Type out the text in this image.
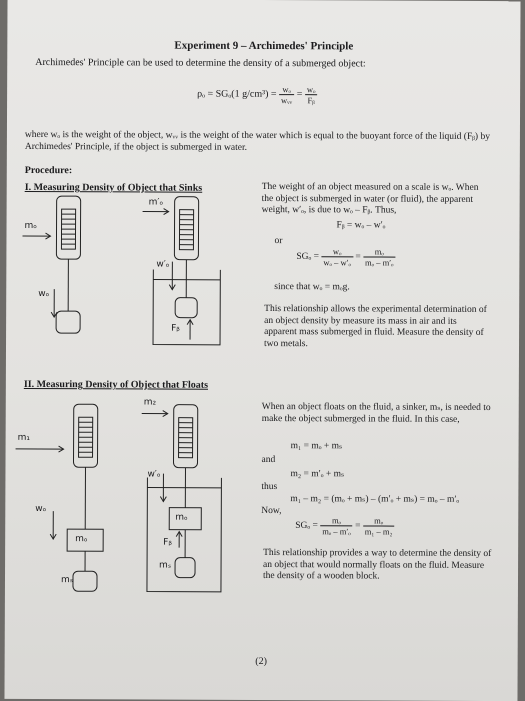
Experiment 9 – Archimedes' Principle
Archimedes' Principle can be used to determine the density of a submerged object:
ρₒ = SGₒ(1 $g/cm^3) = \frac{\text{wₒ}}{\text{wᵥᵥ}} = \frac{\text{wₒ}}{\text{Fᵦ}}$
where wₒ is the weight of the object, wᵥᵥ is the weight of the water which is equal to the buoyant force of the liquid (Fᵦ) by Archimedes' Principle, if the object is submerged in water.
Procedure:
I. Measuring Density of Object that Sinks	The weight of an object measured on a scale is wₒ. When the object is submerged in water (or fluid), the apparent weight, w′ₒ, is due to wₒ – Fᵦ. Thus,
Fᵦ = wₒ – w′ₒ
or
$SG_o = \frac{\text{wₒ}}{\text{wₒ – w′ₒ}} = \frac{\text{mₒ}}{\text{mₒ – m′ₒ}}$
since that wₒ = mₒg.
This relationship allows the experimental determination of an object density by measure its mass in air and its apparent mass submerged in fluid. Measure the density of two metals.
mₒ
m′ₒ
wₒ
w′ₒ
Fᵦ
II. Measuring Density of Object that Floats
When an object floats on the fluid, a sinker, mₛ, is needed to make the object submerged in the fluid. In this case,
m₁ = mₒ + mₛ
and
m₂ = m′ₒ + mₛ
thus
m₁ – m₂ = (mₒ + mₛ) – (m′ₒ + mₛ) = mₒ – m′ₒ
Now,
$SG_o = \frac{\text{mₒ}}{\text{mₒ – m′ₒ}} = \frac{\text{mₒ}}{\text{m₁ – m₂}}$
This relationship provides a way to determine the density of an object that would normally floats on the fluid. Measure the density of a wooden block.
m₁
m₂
wₒ
w′ₒ
mₒ
mₒ
mₛ
mₛ
Fᵦ
(2)
